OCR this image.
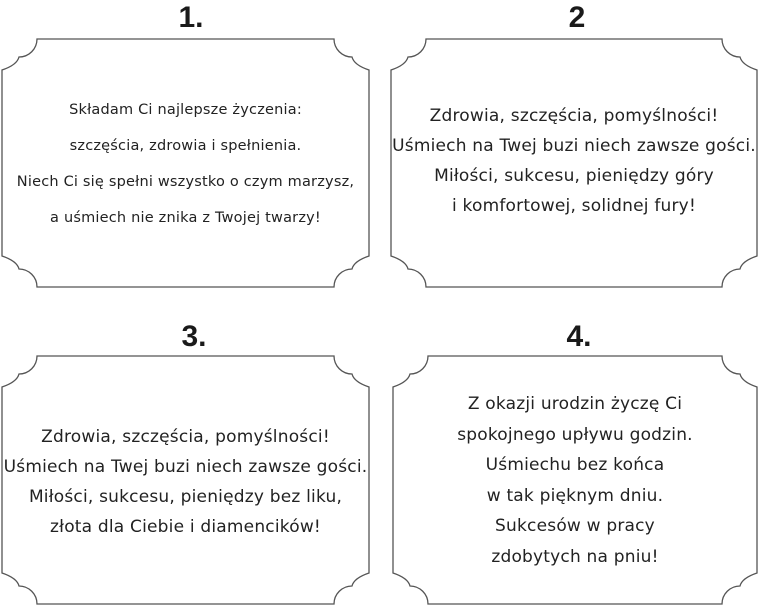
1.	2
3.	4.
Składam Ci najlepsze życzenia:
szczęścia, zdrowia i spełnienia.
Niech Ci się spełni wszystko o czym marzysz,
a uśmiech nie znika z Twojej twarzy!
Zdrowia, szczęścia, pomyślności!
Uśmiech na Twej buzi niech zawsze gości.
Miłości, sukcesu, pieniędzy góry
i komfortowej, solidnej fury!
Zdrowia, szczęścia, pomyślności!
Uśmiech na Twej buzi niech zawsze gości.
Miłości, sukcesu, pieniędzy bez liku,
złota dla Ciebie i diamencików!
Z okazji urodzin życzę Ci
spokojnego upływu godzin.
Uśmiechu bez końca
w tak pięknym dniu.
Sukcesów w pracy
zdobytych na pniu!
